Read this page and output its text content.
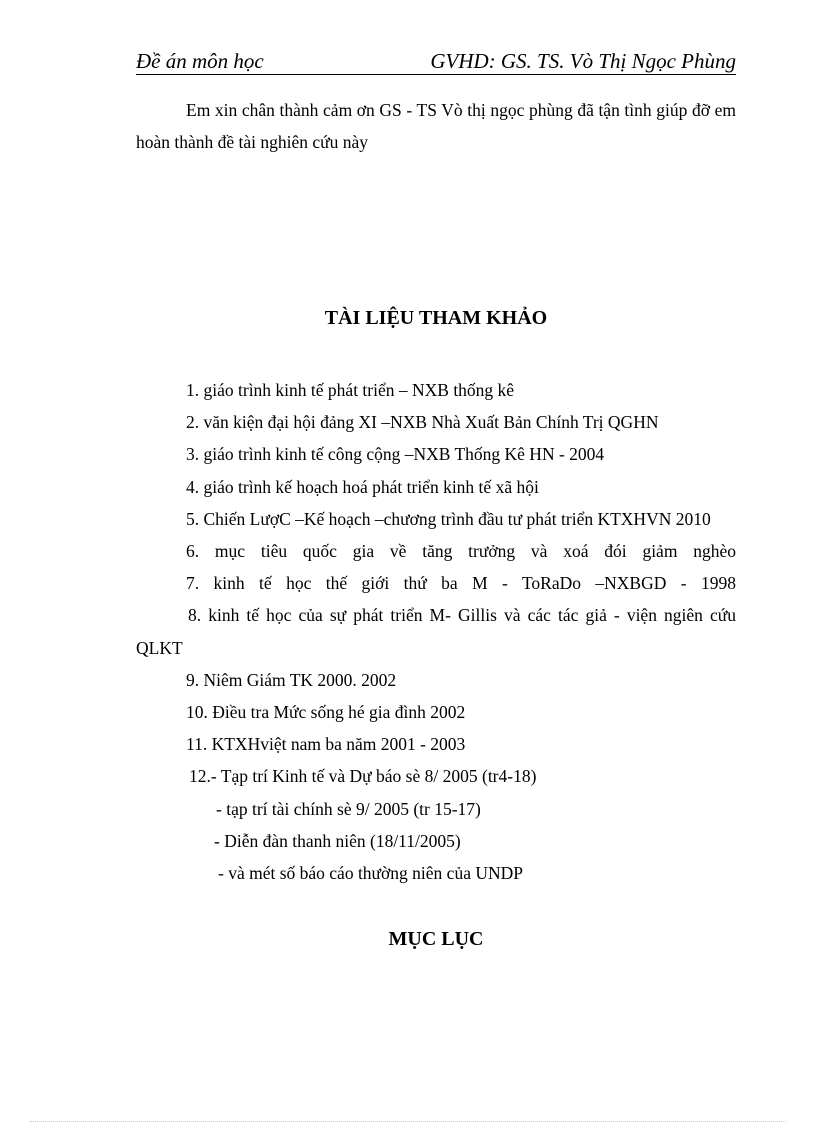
Đề án môn học	GVHD: GS. TS. Vò Thị Ngọc Phùng
Em xin chân thành cảm ơn GS - TS Vò thị ngọc phùng đã tận tình giúp đỡ em hoàn thành đề tài nghiên cứu này
TÀI LIỆU THAM KHẢO
1. giáo trình kinh tế phát triển – NXB thống kê
2. văn kiện đại hội đảng XI –NXB Nhà Xuất Bản Chính Trị QGHN
3. giáo trình kinh tế công cộng –NXB Thống Kê HN - 2004
4. giáo trình kế hoạch hoá phát triển kinh tế xã hội
5. Chiến LượC –Kế hoạch –chương trình đầu tư phát triển KTXHVN 2010
6. mục tiêu quốc gia về tăng trưởng và xoá đói giảm nghèo
7. kinh tế học thế giới thứ ba M - ToRaDo –NXBGD - 1998
8. kinh tế học của sự phát triển M- Gillis và các tác giả - viện ngiên cứu QLKT
9. Niêm Giám TK 2000. 2002
10. Điều tra Mức sống hé gia đình 2002
11. KTXHviệt nam ba năm 2001 - 2003
12.- Tạp trí Kinh tế và Dự báo sè 8/ 2005 (tr4-18)
- tạp trí tài chính sè 9/ 2005 (tr 15-17)
- Diễn đàn thanh niên (18/11/2005)
- và mét số báo cáo thường niên của UNDP
MỤC LỤC
